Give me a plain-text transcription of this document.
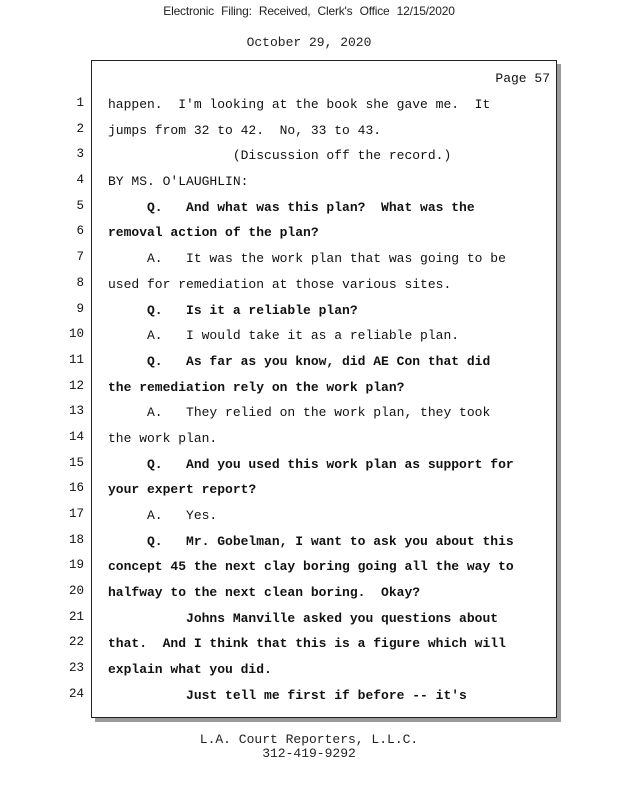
Electronic Filing: Received, Clerk's Office 12/15/2020
October 29, 2020
1
2
3
4
5
6
7
8
9
10
11
12
13
14
15
16
17
18
19
20
21
22
23
24
Page 57
happen.  I'm looking at the book she gave me.  It
jumps from 32 to 42.  No, 33 to 43.
(Discussion off the record.)
BY MS. O'LAUGHLIN:
Q.   And what was this plan?  What was the
removal action of the plan?
A.   It was the work plan that was going to be
used for remediation at those various sites.
Q.   Is it a reliable plan?
A.   I would take it as a reliable plan.
Q.   As far as you know, did AE Con that did
the remediation rely on the work plan?
A.   They relied on the work plan, they took
the work plan.
Q.   And you used this work plan as support for
your expert report?
A.   Yes.
Q.   Mr. Gobelman, I want to ask you about this
concept 45 the next clay boring going all the way to
halfway to the next clean boring.  Okay?
Johns Manville asked you questions about
that.  And I think that this is a figure which will
explain what you did.
Just tell me first if before -- it's
L.A. Court Reporters, L.L.C.
312-419-9292
